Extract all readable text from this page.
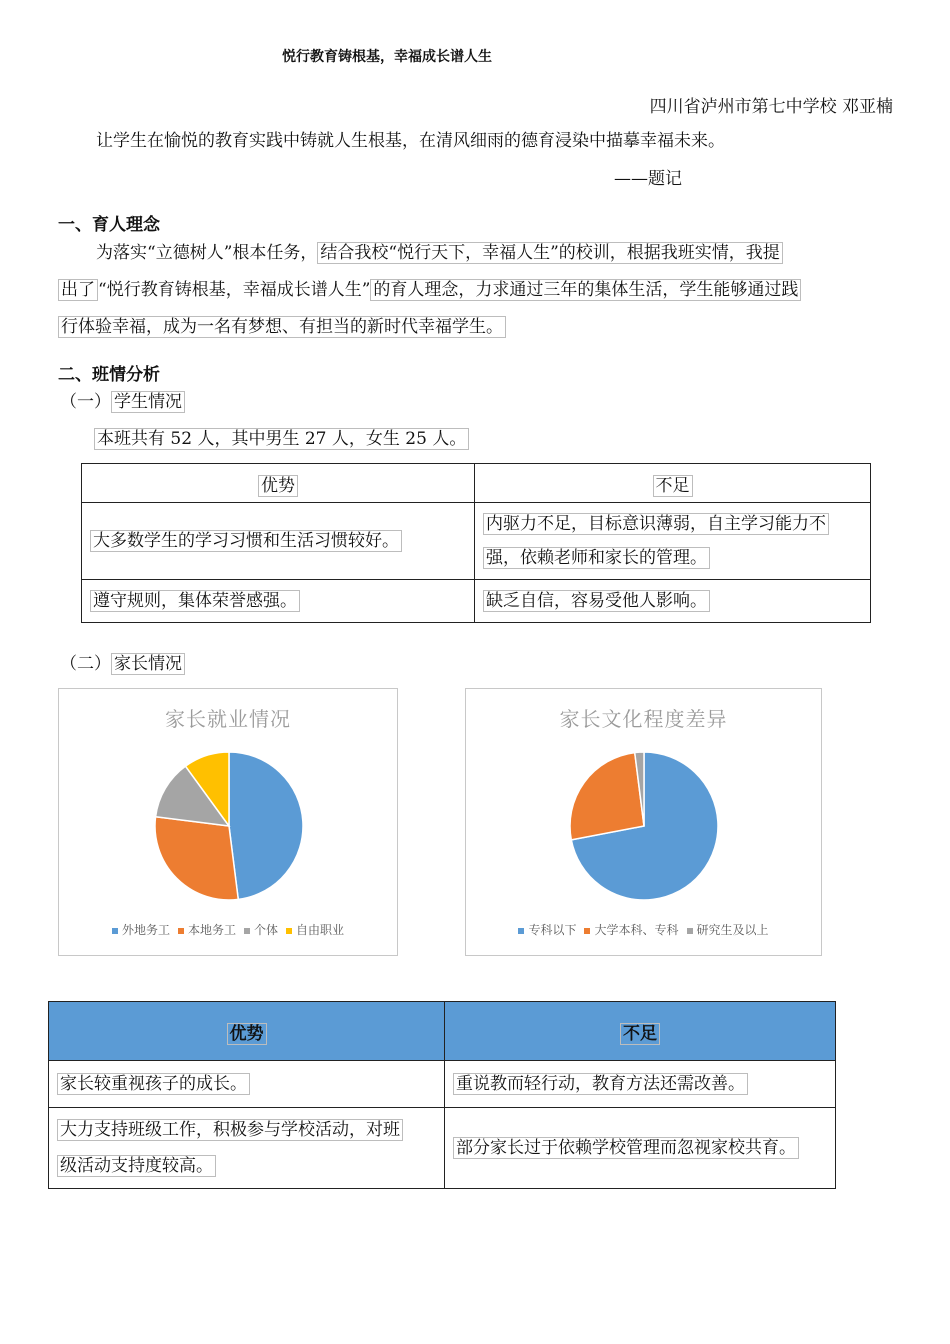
悦行教育铸根基，幸福成长谱人生
四川省泸州市第七中学校 邓亚楠
让学生在愉悦的教育实践中铸就人生根基，在清风细雨的德育浸染中描摹幸福未来。
——题记
一、育人理念
为落实“立德树人”根本任务， 结合我校“悦行天下，幸福人生”的校训，根据我班实情，我提
出了 “悦行教育铸根基，幸福成长谱人生” 的育人理念，力求通过三年的集体生活，学生能够通过践
行体验幸福，成为一名有梦想、有担当的新时代幸福学生。
二、班情分析
（一） 学生情况
本班共有 52 人，其中男生 27 人，女生 25 人。
优势	不足
大多数学生的学习习惯和生活习惯较好。	内驱力不足，目标意识薄弱，自主学习能力不
强，依赖老师和家长的管理。
遵守规则，集体荣誉感强。	缺乏自信，容易受他人影响。
（二） 家长情况
家长就业情况
外地务工 本地务工 个体 自由职业
家长文化程度差异
专科以下 大学本科、专科 研究生及以上
优势	不足
家长较重视孩子的成长。	重说教而轻行动，教育方法还需改善。
大力支持班级工作，积极参与学校活动，对班
级活动支持度较高。	部分家长过于依赖学校管理而忽视家校共育。
